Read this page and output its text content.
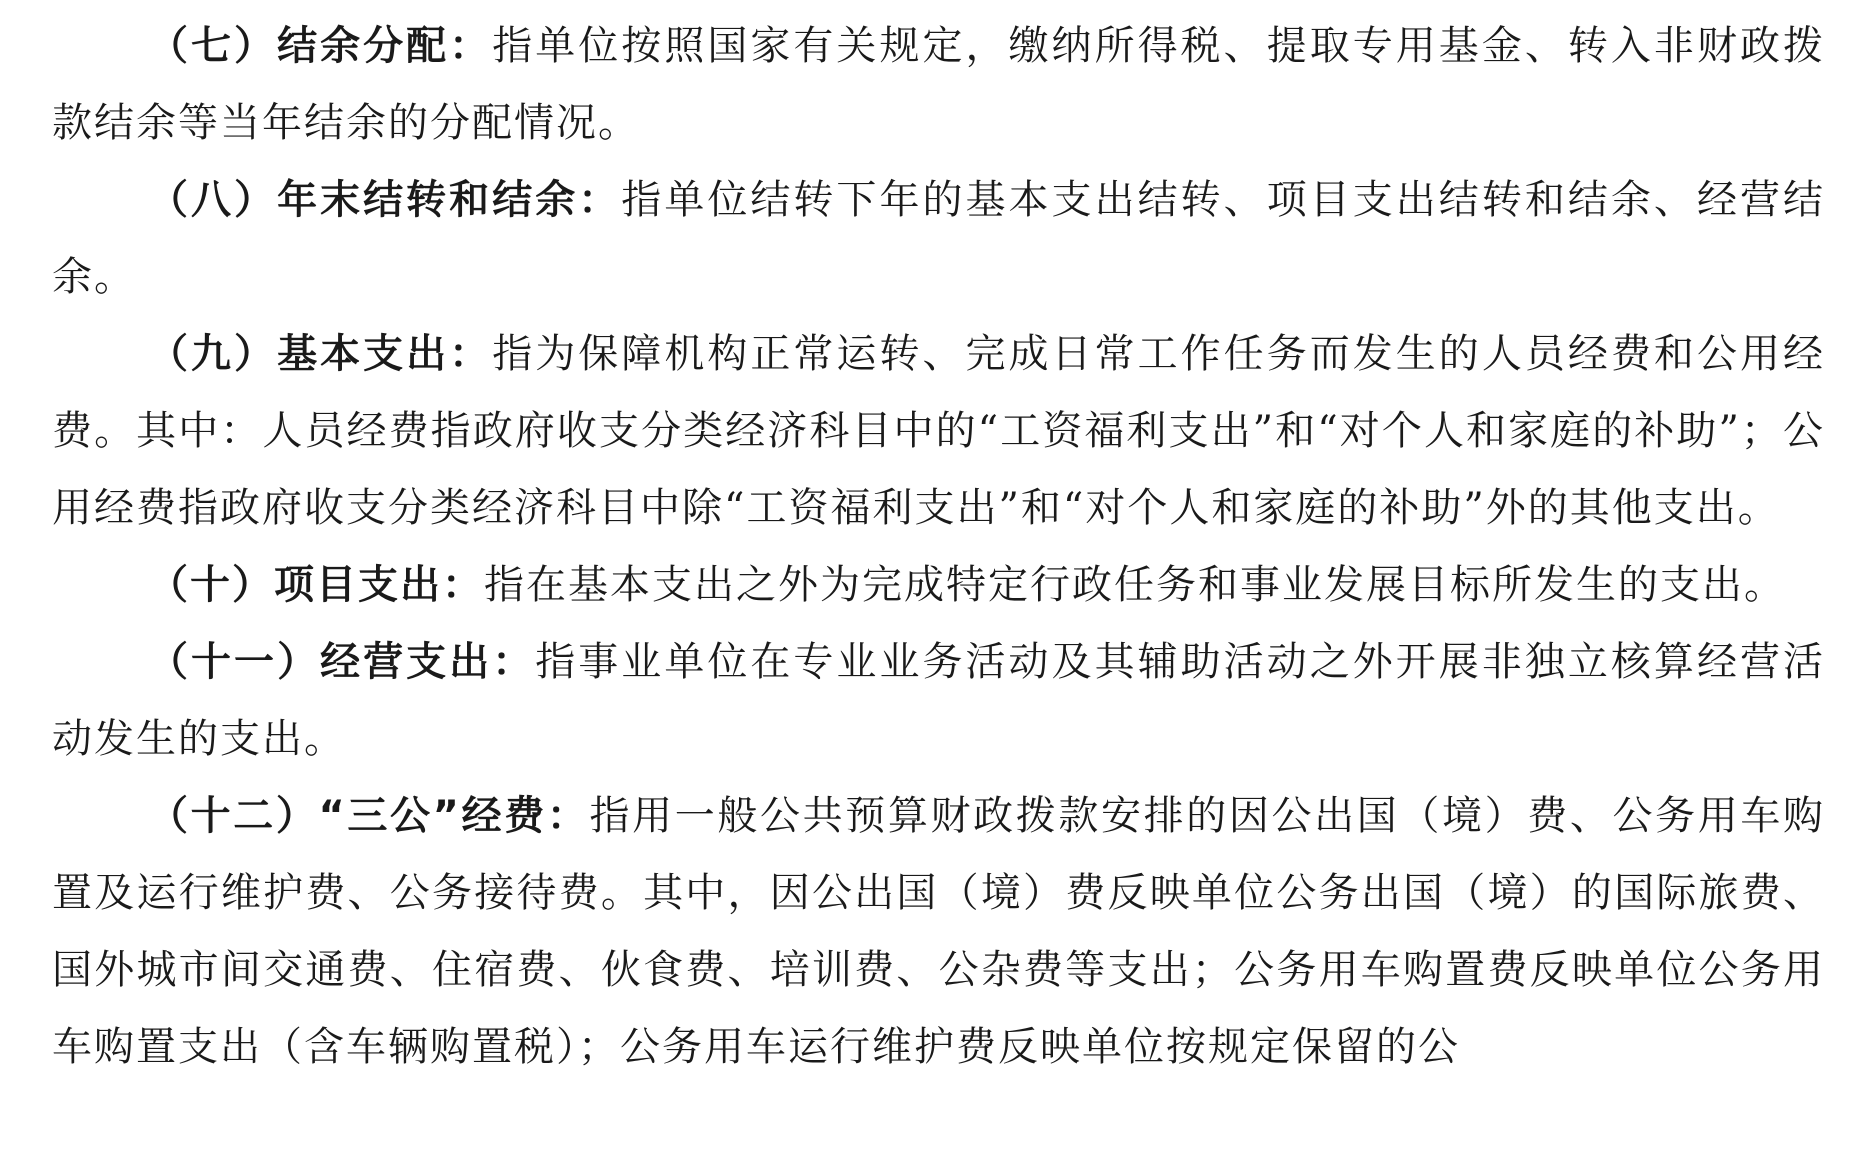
（七）结余分配：指单位按照国家有关规定，缴纳所得税、提取专用基金、转入非财政拨款结余等当年结余的分配情况。

（八）年末结转和结余：指单位结转下年的基本支出结转、项目支出结转和结余、经营结余。

（九）基本支出：指为保障机构正常运转、完成日常工作任务而发生的人员经费和公用经费。其中：人员经费指政府收支分类经济科目中的“工资福利支出”和“对个人和家庭的补助”；公用经费指政府收支分类经济科目中除“工资福利支出”和“对个人和家庭的补助”外的其他支出。

（十）项目支出：指在基本支出之外为完成特定行政任务和事业发展目标所发生的支出。

（十一）经营支出：指事业单位在专业业务活动及其辅助活动之外开展非独立核算经营活动发生的支出。

（十二）“三公”经费：指用一般公共预算财政拨款安排的因公出国（境）费、公务用车购置及运行维护费、公务接待费。其中，因公出国（境）费反映单位公务出国（境）的国际旅费、国外城市间交通费、住宿费、伙食费、培训费、公杂费等支出；公务用车购置费反映单位公务用车购置支出（含车辆购置税）；公务用车运行维护费反映单位按规定保留的公
